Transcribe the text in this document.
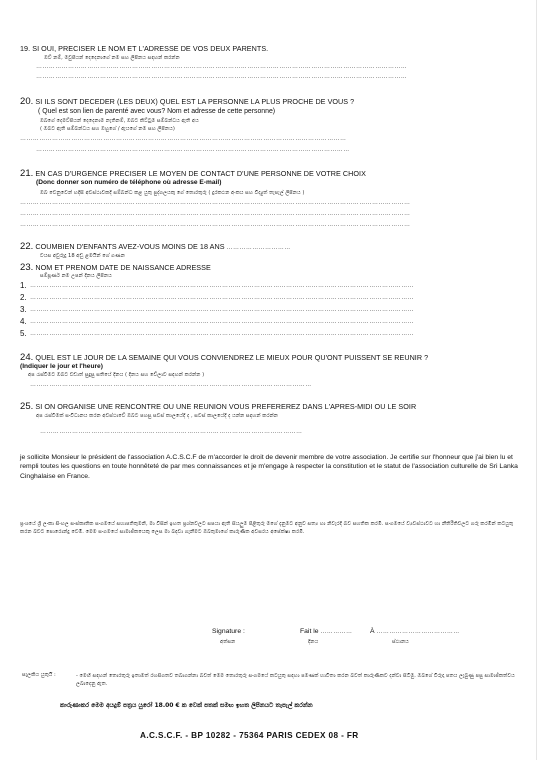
19. SI OUI, PRECISER LE NOM ET L'ADRESSE DE VOS DEUX PARENTS.
ඔව් නම්, මවුපියන් දෙදෙනාගේ නම සහ ලිපිනය සඳහන් කරන්න
…………………………………………………………………………………………………………………………………………………………
…………………………………………………………………………………………………………………………………………………………
20. SI ILS SONT DECEDER (LES DEUX) QUEL EST LA PERSONNE LA PLUS PROCHE DE VOUS ?
( Quel est son lien de parenté avec vous? Nom et adresse de cette personne)
ඔබගේ දෙමව්පියන් දෙදෙනාම නැතිනම්, ඔබට කිට්ටුම සම්බන්ධය ඇති අය
( ඔබට ඇති සම්බන්ධය සහ ඔහුගේ / ඇයගේ නම සහ ලිපිනය)
………………………………………………………………………………………………………………………………………
…………………………………………………………………………………………………………………………………
21. EN CAS D'URGENCE PRECISER LE MOYEN DE CONTACT D'UNE PERSONNE DE VOTRE CHOIX
(Donc donner son numéro de téléphone où adresse E-mail)
ඔබ වෙනුවෙන් හදිසි අවස්ථාවකදී සම්බන්ධ කළ යුතු පුද්ගලයකු ගේ තොරතුරු ( දුරකථන අංකය සහ විද්‍යුත් තැපැල් ලිපිනය )
…………………………………………………………………………………………………………………………………………………………………
…………………………………………………………………………………………………………………………………………………………………
…………………………………………………………………………………………………………………………………………………………………
22. COUMBIEN D'ENFANTS AVEZ-VOUS MOINS DE 18 ANS …………………………
වයස අවුරුදු 18 අඩු ළමයින් ගේ ගණන
23. NOM ET PRENOM DATE DE NAISSANCE ADRESSE
සම්පූර්ණ නම උපන් දිනය ලිපිනය
1. ………………………………………………………………………………………………………………………………………………………………
2. ………………………………………………………………………………………………………………………………………………………………
3. ………………………………………………………………………………………………………………………………………………………………
4. ………………………………………………………………………………………………………………………………………………………………
5. ………………………………………………………………………………………………………………………………………………………………
24. QUEL EST LE JOUR DE LA SEMAINE QUI VOUS CONVIENDREZ LE MIEUX POUR QU'ONT PUISSENT SE REUNIR ?
(Indiquer le jour et l'heure)
අප රැස්වීමට ඔබට වඩාත් සුදුසු සතියේ දිනය ( දිනය සහ වේලාව සඳහන් කරන්න )
……………………………………………………………………………………………………………………
25. SI ON ORGANISE UNE RENCONTRE OU UNE REUNION VOUS PREFEREREZ DANS L'APRES-MIDI OU LE SOIR
අප රැස්වීමක් සංවිධානය කරන අවස්ථාවේ ඔබට පහසු සවස් කාලයේදී ද , සවස් කාලයේදී ද යන්න සඳහන් කරන්න
……………………………………………………………………………………………………………
je sollicite Monsieur le président de l'association A.C.S.C.F de m'accorder le droit de devenir membre de votre association. Je certifie sur l'honneur que j'ai bien lu et rempli toutes les questions en toute honnêteté de par mes connaissances et je m'engage à respecter la constitution et le statut de l'association culturelle de Sri Lanka Cinghalaise en France.
ප්‍රංශයේ ශ්‍රී ලංකා සිංහල සංස්කෘතික සංගමයේ සභාපතිතුමනි, මා විසින් ඉහත ප්‍රශ්නවලට සපයා ඇති සියලුම පිළිතුරු මගේ දැනුමට අනුව සත්‍ය හා නිවැරදි බව සහතික කරමි. සංගමයේ ව්‍යවස්ථාවට හා නීතිරීතිවලට ගරු කරමින් කටයුතු කරන බවට පොරොන්දු වෙමි. මෙම සංගමයේ සාමාජිකයෙකු ලෙස මා බඳවා ගැනීමට ඔබතුමාගේ කාරුණික අවසරය අපේක්ෂා කරමි.
Signature :
අත්සන
Fait le ……………
දිනය
À …………………………………
ස්ථානය
සැලකිය යුතුයි :	- මෙහි සඳහන් තොරතුරු ඉතාමත් රහසිගතව තබාගන්නා බවත් මෙම තොරතුරු සංගමයේ කටයුතු සඳහා පමණක් භාවිතා කරන බවත් කාරුණිකව දන්වා සිටිමු. ඔබගේ විරුදා පතය ලැබුණු පසු සාමාජිකත්වය ලබාදෙනු ඇත.
කාරුණාකර මෙම අයදුම් පත්‍රය යුරෝ 18.00 € ක වෙක් පතක් සමඟ ඉහත ලිපිනයට තැපැල් කරන්න
A.C.S.C.F. - BP 10282 - 75364 PARIS CEDEX 08 - FR
